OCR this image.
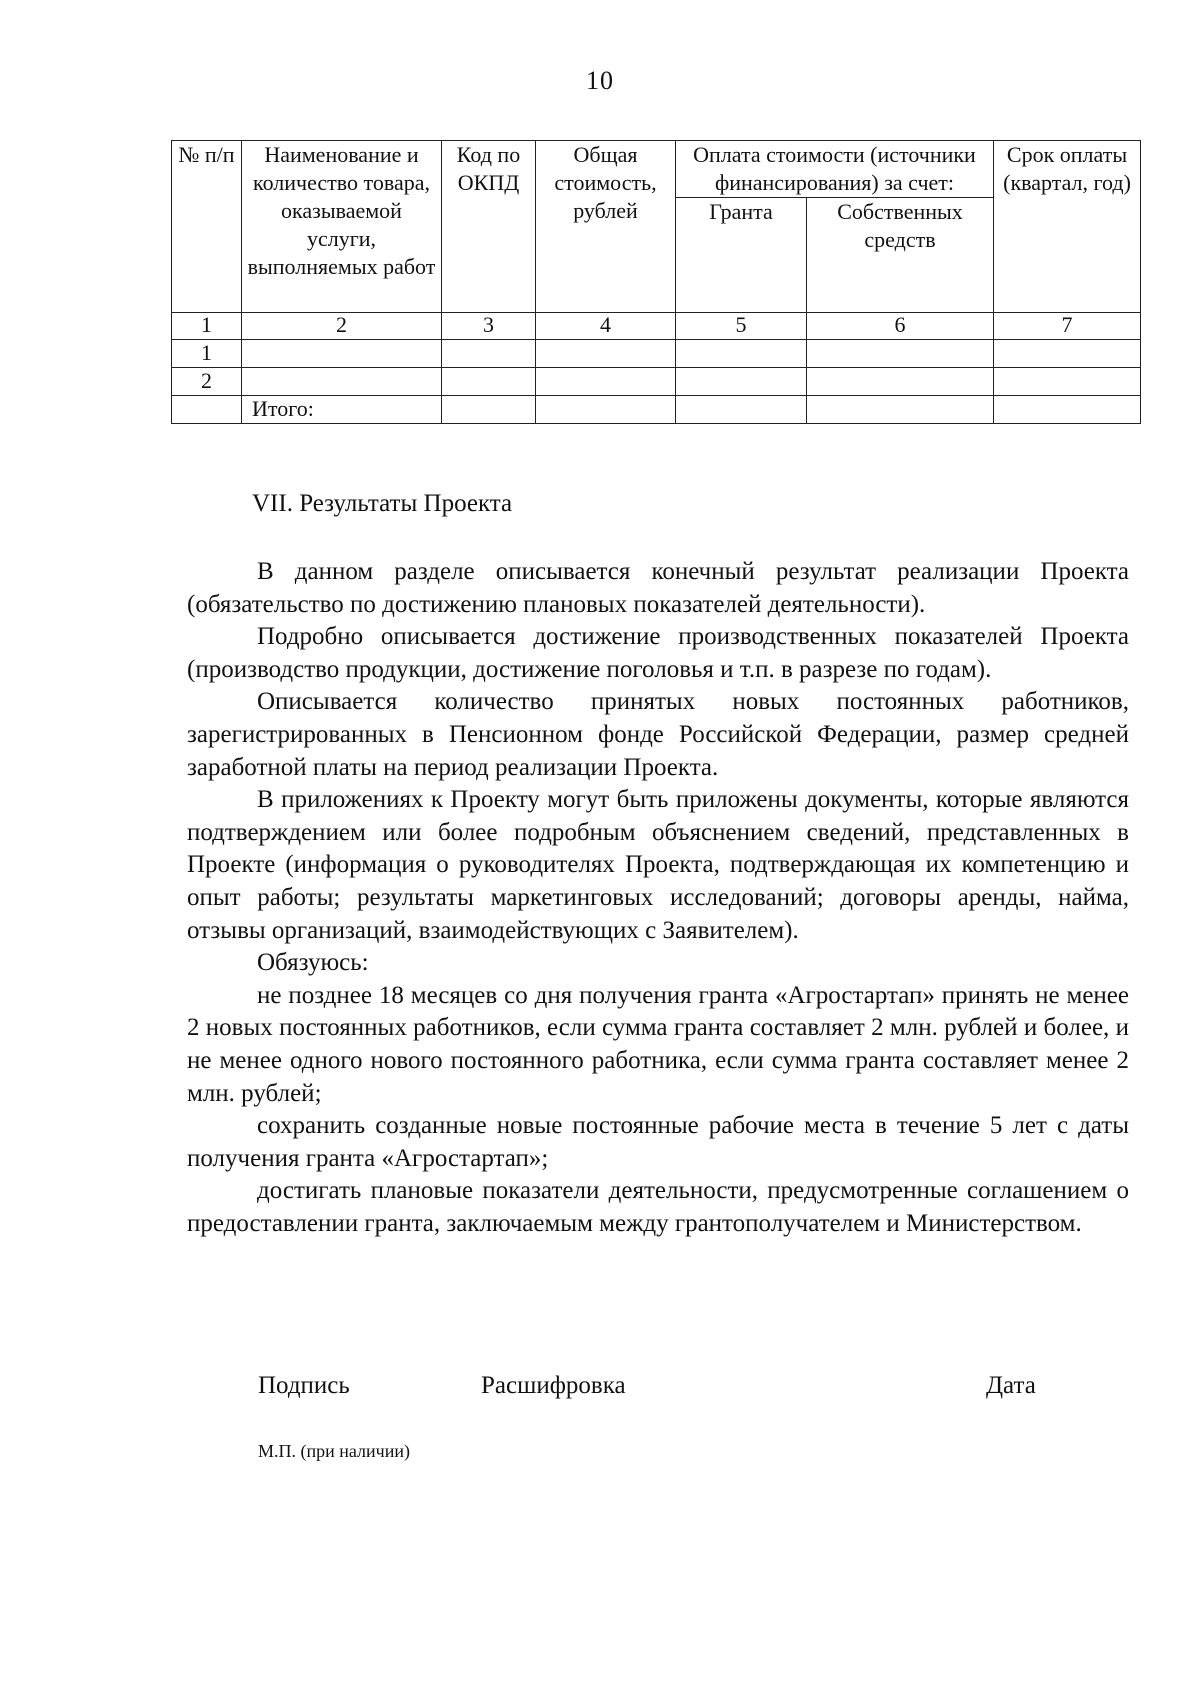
10
№ п/п	Наименование и количество товара, оказываемой услуги, выполняемых работ	Код по ОКПД	Общая стоимость, рублей	Оплата стоимости (источники финансирования) за счет:		Срок оплаты (квартал, год)
				Гранта	Собственных средств	
1	2	3	4	5	6	7
1						
2						
	Итого:					
VII. Результаты Проекта

В данном разделе описывается конечный результат реализации Проекта (обязательство по достижению плановых показателей деятельности).

Подробно описывается достижение производственных показателей Проекта (производство продукции, достижение поголовья и т.п. в разрезе по годам).

Описывается количество принятых новых постоянных работников, зарегистрированных в Пенсионном фонде Российской Федерации, размер средней заработной платы на период реализации Проекта.

В приложениях к Проекту могут быть приложены документы, которые являются подтверждением или более подробным объяснением сведений, представленных в Проекте (информация о руководителях Проекта, подтверждающая их компетенцию и опыт работы; результаты маркетинговых исследований; договоры аренды, найма, отзывы организаций, взаимодействующих с Заявителем).

Обязуюсь:

не позднее 18 месяцев со дня получения гранта «Агростартап» принять не менее 2 новых постоянных работников, если сумма гранта составляет 2 млн. рублей и более, и не менее одного нового постоянного работника, если сумма гранта составляет менее 2 млн. рублей;

сохранить созданные новые постоянные рабочие места в течение 5 лет с даты получения гранта «Агростартап»;

достигать плановые показатели деятельности, предусмотренные соглашением о предоставлении гранта, заключаемым между грантополучателем и Министерством.

Подпись	Расшифровка	Дата
М.П. (при наличии)
